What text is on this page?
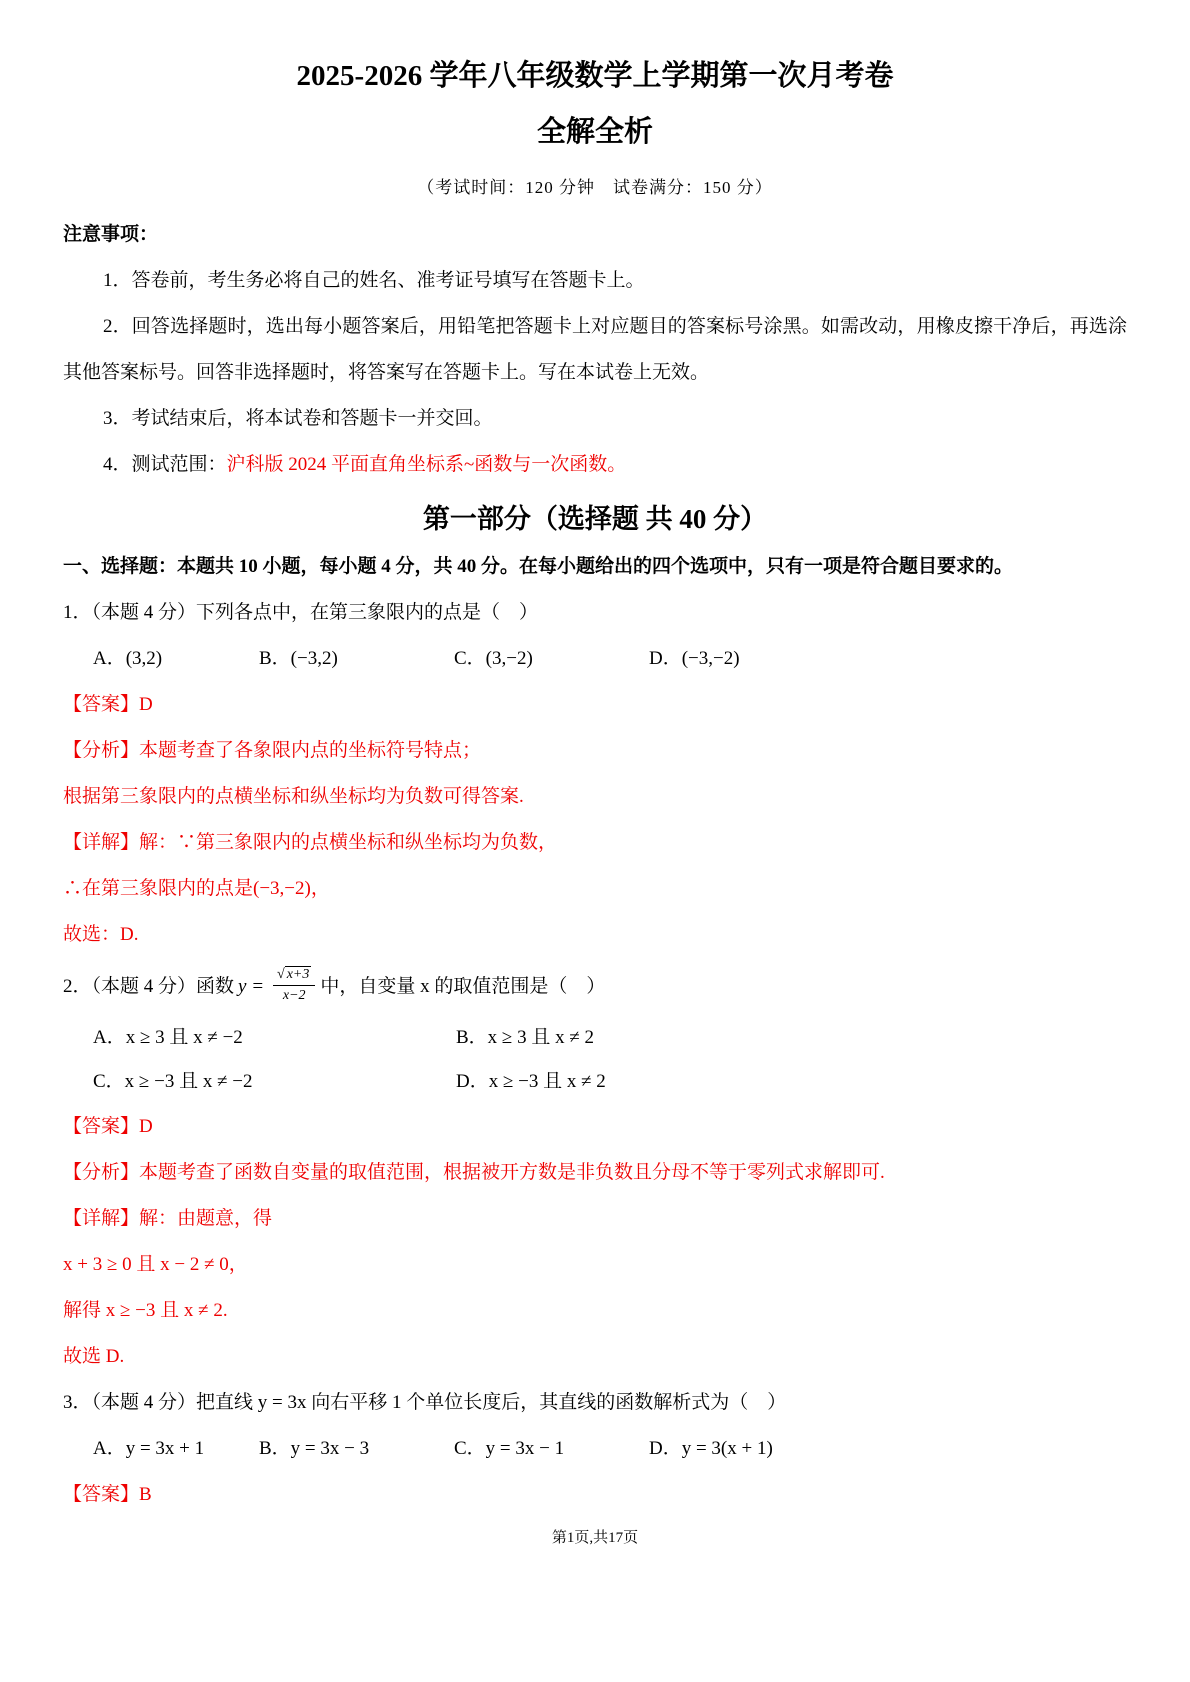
2025-2026 学年八年级数学上学期第一次月考卷
全解全析

（考试时间：120 分钟　试卷满分：150 分）

注意事项：

1．答卷前，考生务必将自己的姓名、准考证号填写在答题卡上。

2．回答选择题时，选出每小题答案后，用铅笔把答题卡上对应题目的答案标号涂黑。如需改动，用橡皮擦干净后，再选涂其他答案标号。回答非选择题时，将答案写在答题卡上。写在本试卷上无效。

3．考试结束后，将本试卷和答题卡一并交回。

4．测试范围：沪科版 2024 平面直角坐标系~函数与一次函数。

第一部分（选择题 共 40 分）

一、选择题：本题共 10 小题，每小题 4 分，共 40 分。在每小题给出的四个选项中，只有一项是符合题目要求的。

1．（本题 4 分）下列各点中，在第三象限内的点是（　）

A．(3,2)	B．(−3,2)	C．(3,−2)	D．(−3,−2)

【答案】D

【分析】本题考查了各象限内点的坐标符号特点；

根据第三象限内的点横坐标和纵坐标均为负数可得答案.

【详解】解：∵第三象限内的点横坐标和纵坐标均为负数，

∴在第三象限内的点是(−3,−2)，

故选：D.

2．（本题 4 分）函数 $y = \frac{√ x+3}{x-2}$ 中，自变量 x 的取值范围是（　）

A．x ≥ 3 且 x ≠ −2	B．x ≥ 3 且 x ≠ 2
C．x ≥ −3 且 x ≠ −2	D．x ≥ −3 且 x ≠ 2

【答案】D

【分析】本题考查了函数自变量的取值范围，根据被开方数是非负数且分母不等于零列式求解即可.

【详解】解：由题意，得

x + 3 ≥ 0 且 x − 2 ≠ 0，

解得 x ≥ −3 且 x ≠ 2.

故选 D.

3．（本题 4 分）把直线 y = 3x 向右平移 1 个单位长度后，其直线的函数解析式为（　）

A．y = 3x + 1	B．y = 3x − 3	C．y = 3x − 1	D．y = 3(x + 1)

【答案】B

第1页,共17页
